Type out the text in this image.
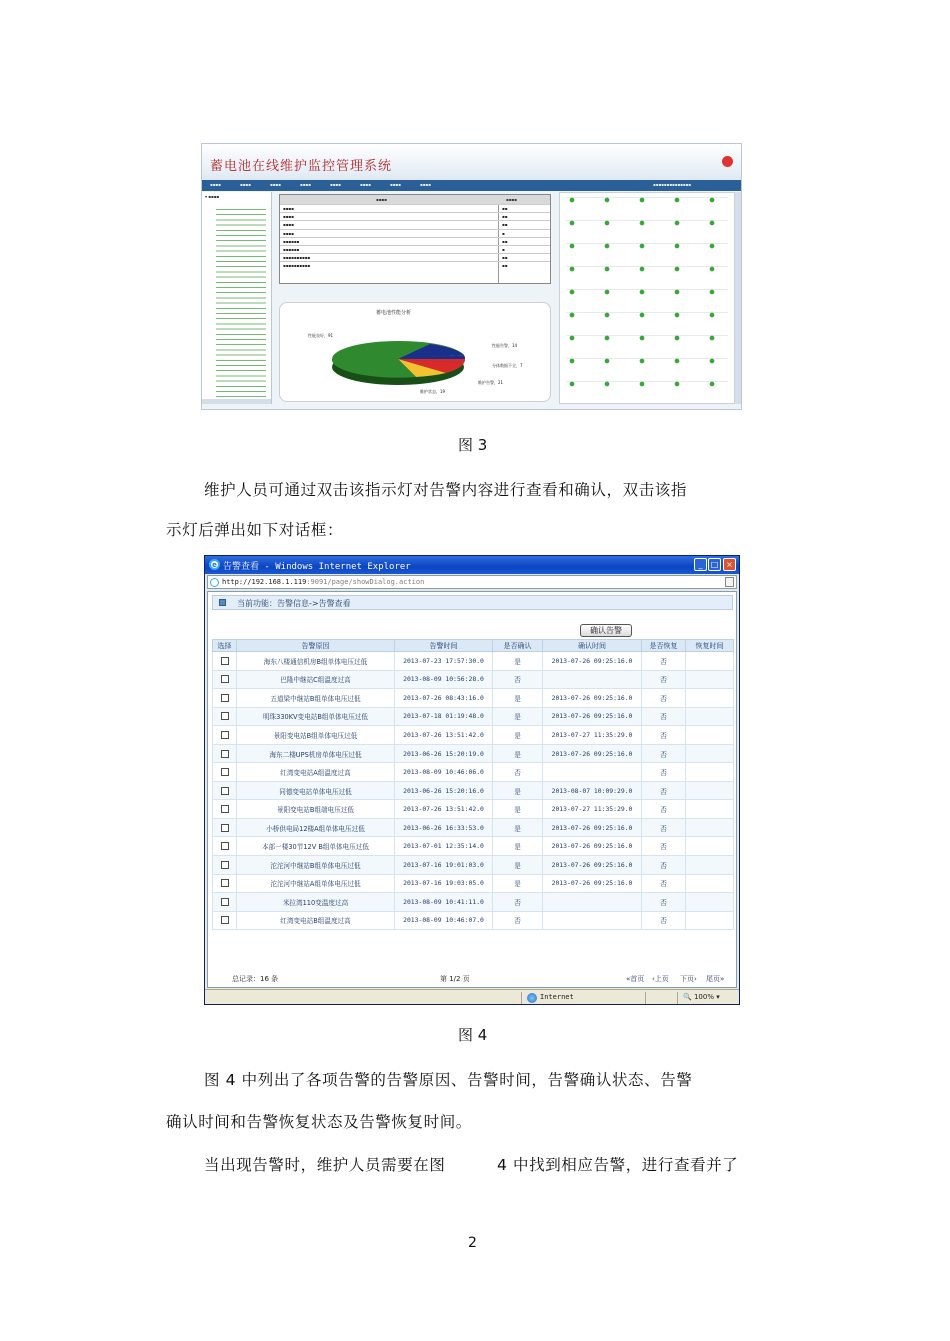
蓄电池在线维护监控管理系统
▪▪▪▪	▪▪▪▪	▪▪▪▪	▪▪▪▪	▪▪▪▪	▪▪▪▪	▪▪▪▪	▪▪▪▪	▪▪▪▪▪▪▪▪▪▪▪▪▪▪
▾ ▪▪▪▪
▪▪▪▪	▪▪▪▪
▪▪▪▪	▪▪
▪▪▪▪	▪▪
▪▪▪▪	▪▪
▪▪▪▪	▪
▪▪▪▪▪▪	▪▪
▪▪▪▪▪▪	▪
▪▪▪▪▪▪▪▪▪▪	▪▪
▪▪▪▪▪▪▪▪▪▪	▪▪
蓄电池性能分析
性能良好，91
性能告警，14
分体数据不全，7
维护告警，21
维护状态，19
图 3
维护人员可通过双击该指示灯对告警内容进行查看和确认，双击该指
示灯后弹出如下对话框：
e 告警查看 - Windows Internet Explorer	_	□ ×
http://192.168.1.119:9091/page/showDialog.action
当前功能：告警信息->告警查看
确认告警
选择	告警原因	告警时间	是否确认	确认时间	是否恢复	恢复时间
	海东八楼通信机房B组单体电压过低	2013-07-23 17:57:30.0	是	2013-07-26 09:25:16.0	否	
	巴隆中继站C组温度过高	2013-08-09 10:56:28.0	否		否	
	五道梁中继站B组单体电压过低	2013-07-26 08:43:16.0	是	2013-07-26 09:25:16.0	否	
	明珠330KV变电站B组单体电压过低	2013-07-18 01:19:48.0	是	2013-07-26 09:25:16.0	否	
	景阳变电站B组单体电压过低	2013-07-26 13:51:42.0	是	2013-07-27 11:35:29.0	否	
	海东二楼UPS机房单体电压过低	2013-06-26 15:20:19.0	是	2013-07-26 09:25:16.0	否	
	红湾变电站A组温度过高	2013-08-09 10:46:06.0	否		否	
	同德变电站单体电压过低	2013-06-26 15:20:16.0	是	2013-08-07 10:09:29.0	否	
	景阳变电站B组端电压过低	2013-07-26 13:51:42.0	是	2013-07-27 11:35:29.0	否	
	小桥供电局12楼A组单体电压过低	2013-06-26 16:33:53.0	是	2013-07-26 09:25:16.0	否	
	本部一楼30节12V B组单体电压过低	2013-07-01 12:35:14.0	是	2013-07-26 09:25:16.0	否	
	沱沱河中继站B组单体电压过低	2013-07-16 19:01:03.0	是	2013-07-26 09:25:16.0	否	
	沱沱河中继站A组单体电压过低	2013-07-16 19:03:05.0	是	2013-07-26 09:25:16.0	否	
	米拉湾110变温度过高	2013-08-09 10:41:11.0	否		否	
	红湾变电站B组温度过高	2013-08-09 10:46:07.0	否		否	
总记录：16 条	第 1/2 页	«首页 ‹上页 下页› 尾页»
Internet	🔍 100% ▾
图 4
图 4 中列出了各项告警的告警原因、告警时间，告警确认状态、告警
确认时间和告警恢复状态及告警恢复时间。
当出现告警时，维护人员需要在图	4 中找到相应告警，进行查看并了
2
